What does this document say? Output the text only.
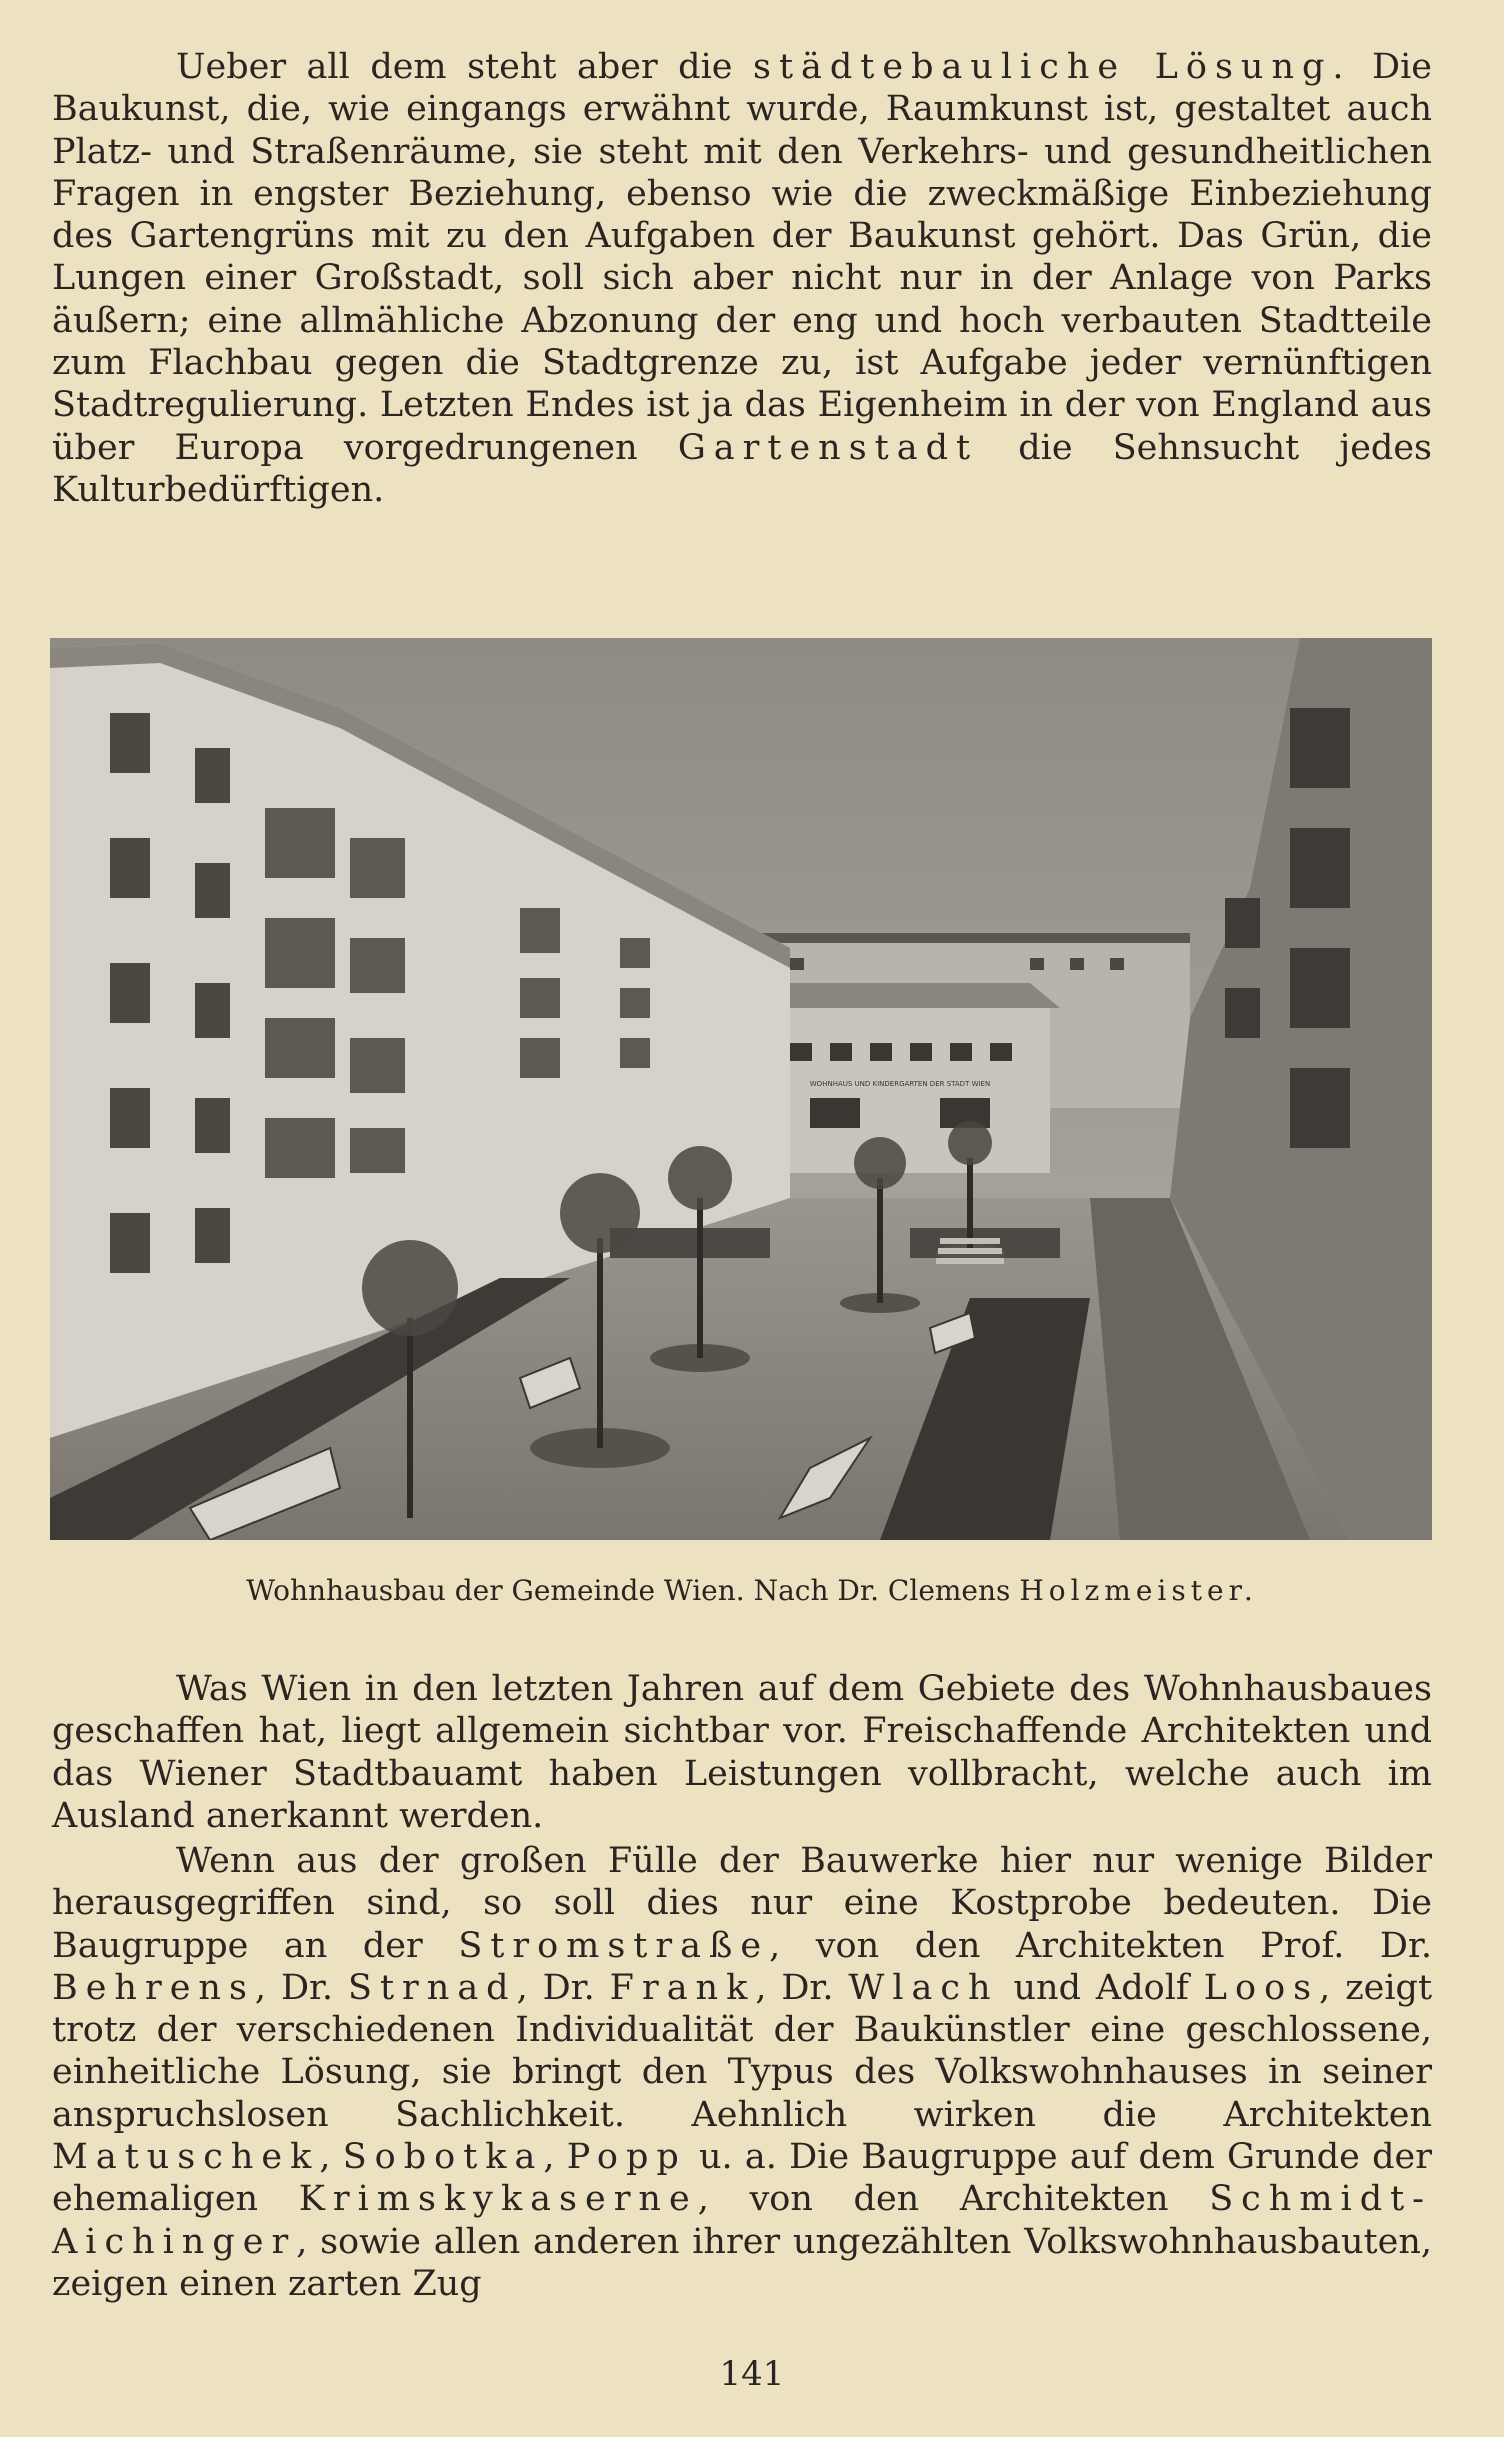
Ueber all dem steht aber die städtebauliche Lösung. Die Baukunst, die, wie eingangs erwähnt wurde, Raumkunst ist, gestaltet auch Platz- und Straßenräume, sie steht mit den Verkehrs- und gesundheitlichen Fragen in engster Beziehung, ebenso wie die zweckmäßige Einbeziehung des Gartengrüns mit zu den Aufgaben der Baukunst gehört. Das Grün, die Lungen einer Großstadt, soll sich aber nicht nur in der Anlage von Parks äußern; eine allmähliche Abzonung der eng und hoch verbauten Stadtteile zum Flachbau gegen die Stadtgrenze zu, ist Aufgabe jeder vernünftigen Stadtregulierung. Letzten Endes ist ja das Eigenheim in der von England aus über Europa vorgedrungenen Gartenstadt die Sehnsucht jedes Kulturbedürftigen.

WOHNHAUS UND KINDERGARTEN DER STADT WIEN

Wohnhausbau der Gemeinde Wien. Nach Dr. Clemens Holzmeister.

Was Wien in den letzten Jahren auf dem Gebiete des Wohnhausbaues geschaffen hat, liegt allgemein sichtbar vor. Freischaffende Architekten und das Wiener Stadtbauamt haben Leistungen vollbracht, welche auch im Ausland anerkannt werden.

Wenn aus der großen Fülle der Bauwerke hier nur wenige Bilder herausgegriffen sind, so soll dies nur eine Kostprobe bedeuten. Die Baugruppe an der Stromstraße, von den Architekten Prof. Dr. Behrens, Dr. Strnad, Dr. Frank, Dr. Wlach und Adolf Loos, zeigt trotz der verschiedenen Individualität der Baukünstler eine geschlossene, einheitliche Lösung, sie bringt den Typus des Volkswohnhauses in seiner anspruchslosen Sachlichkeit. Aehnlich wirken die Architekten Matuschek, Sobotka, Popp u. a. Die Baugruppe auf dem Grunde der ehemaligen Krimskykaserne, von den Architekten Schmidt-Aichinger, sowie allen anderen ihrer ungezählten Volkswohnhausbauten, zeigen einen zarten Zug

141
